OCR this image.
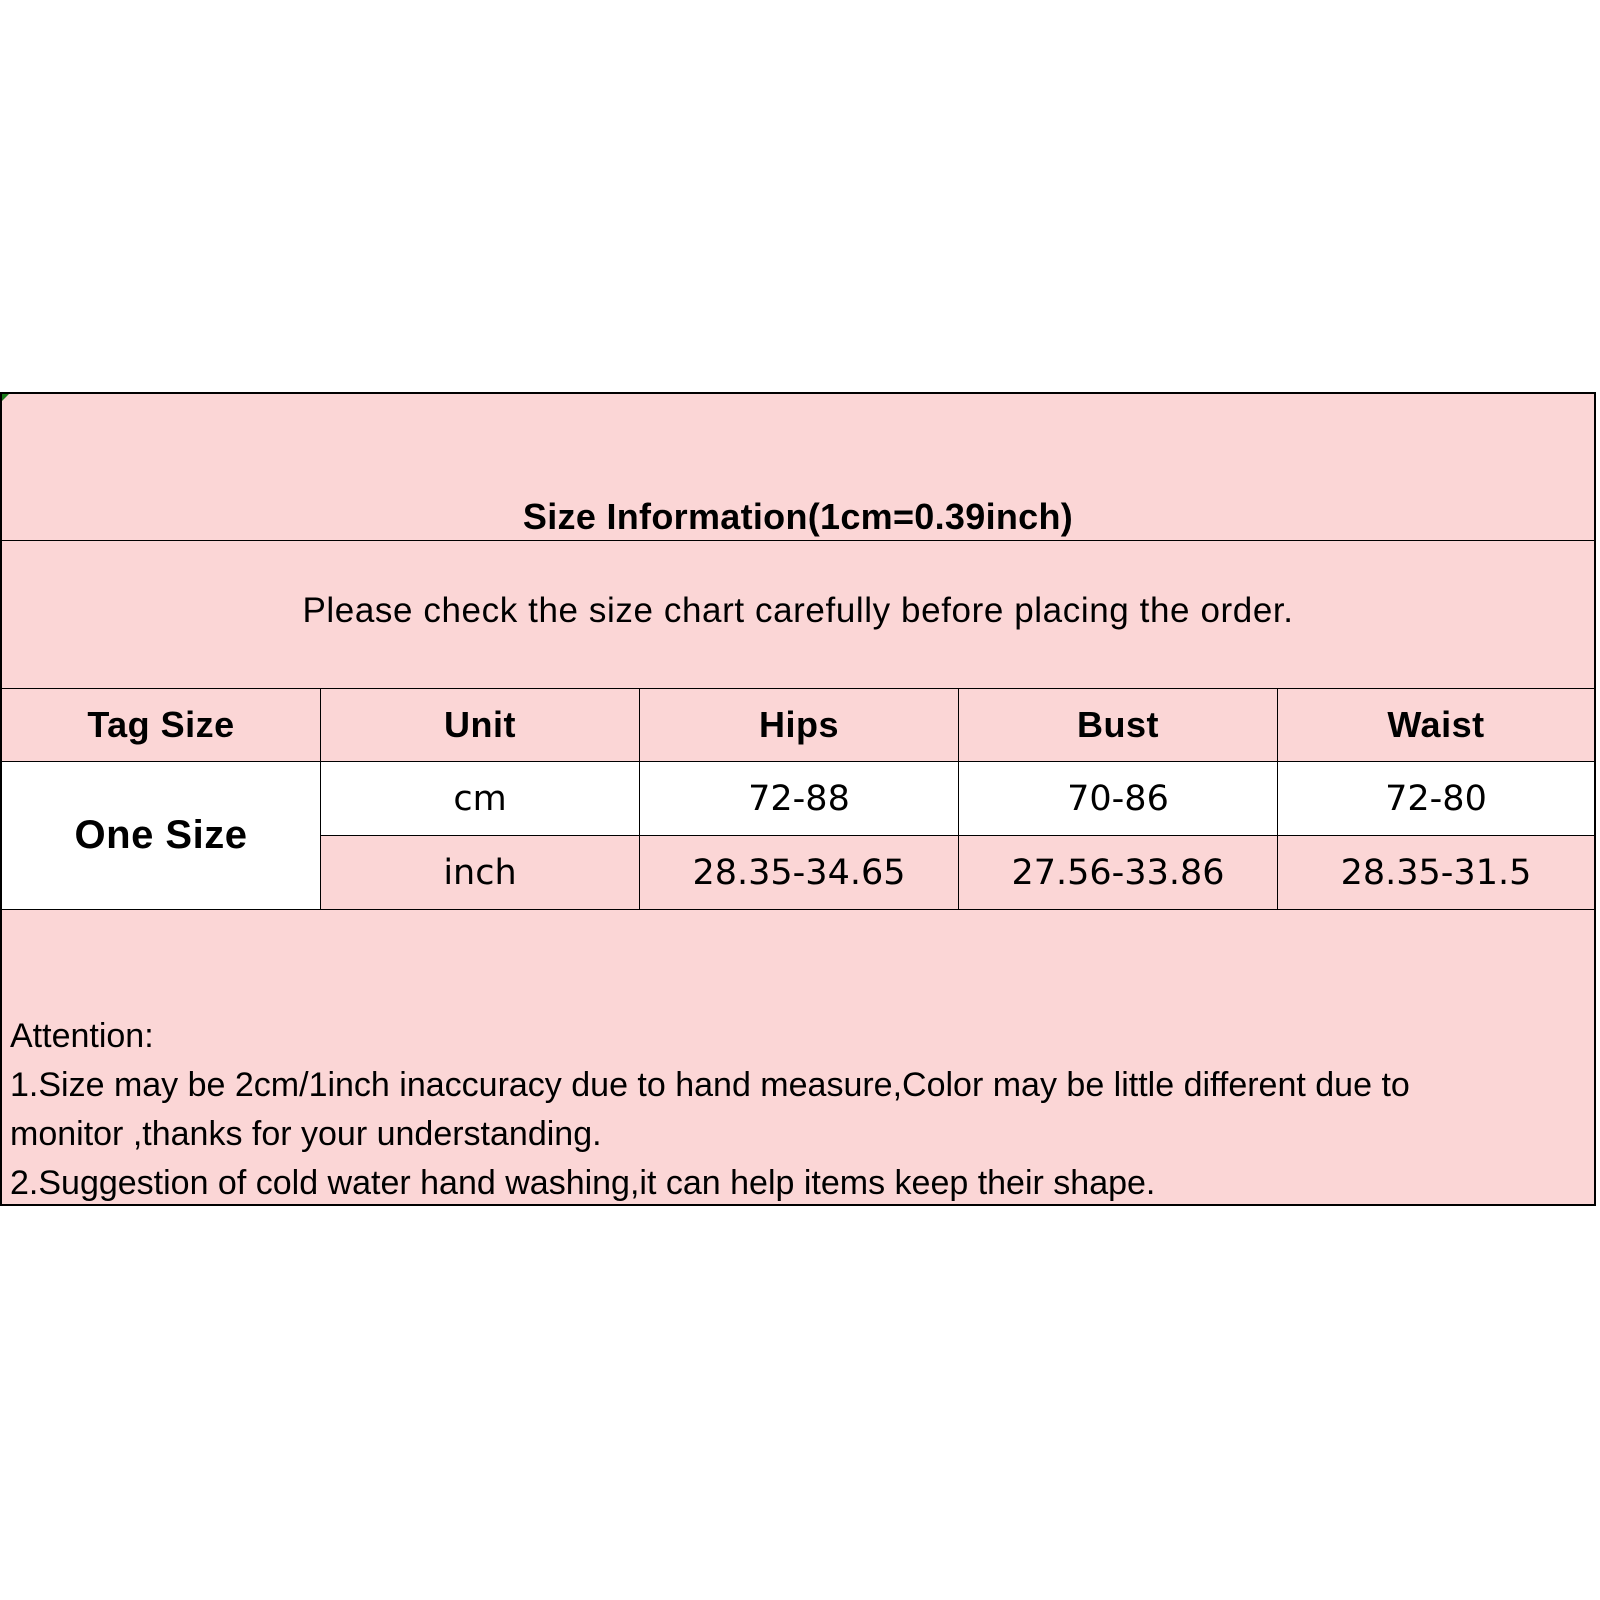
Size Information(1cm=0.39inch)
Please check the size chart carefully before placing the order.
Tag Size	Unit	Hips	Bust	Waist
One Size
cm	72-88	70-86	72-80
inch	28.35-34.65	27.56-33.86	28.35-31.5
Attention:
1.Size may be 2cm/1inch inaccuracy due to hand measure,Color may be little different due to
monitor ,thanks for your understanding.
2.Suggestion of cold water hand washing,it can help items keep their shape.
